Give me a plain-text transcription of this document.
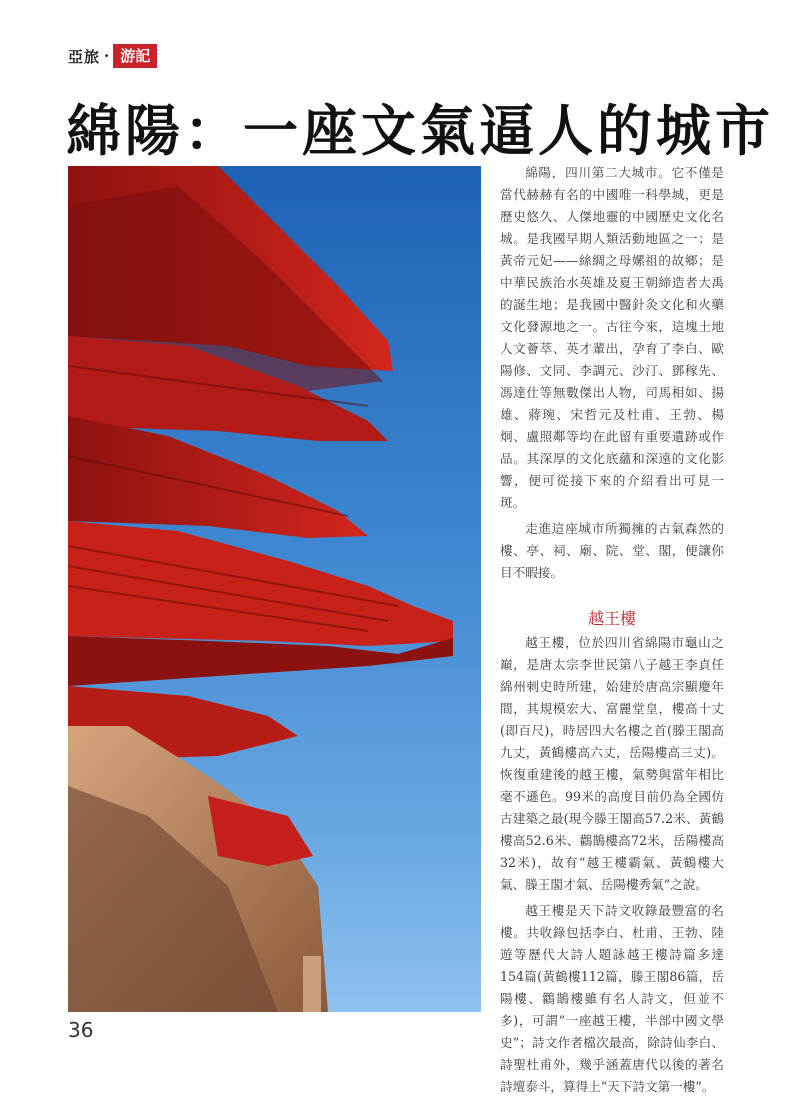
亞旅 · 游記
綿陽：一座文氣逼人的城市

綿陽，四川第二大城市。它不僅是當代赫赫有名的中國唯一科學城，更是歷史悠久、人傑地靈的中國歷史文化名城。是我國早期人類活動地區之一；是黃帝元妃——絲綢之母嫘祖的故鄉；是中華民族治水英雄及夏王朝締造者大禹的誕生地；是我國中醫針灸文化和火藥文化發源地之一。古往今來，這塊土地人文薈萃、英才輩出，孕育了李白、歐陽修、文同、李調元、沙汀、鄧稼先、馮達仕等無數傑出人物，司馬相如、揚雄、蔣琬、宋哲元及杜甫、王勃、楊炯、盧照鄰等均在此留有重要遺跡或作品。其深厚的文化底蘊和深遠的文化影響，便可從接下來的介紹看出可見一斑。

走進這座城市所獨擁的古氣森然的樓、亭、祠、廟、院、堂、閣，便讓你目不暇接。

越王樓

越王樓，位於四川省綿陽市龜山之巔，是唐太宗李世民第八子越王李貞任綿州刺史時所建，始建於唐高宗顯慶年間，其規模宏大、富麗堂皇，樓高十丈(即百尺)，時居四大名樓之首(滕王閣高九丈，黃鶴樓高六丈，岳陽樓高三丈)。恢復重建後的越王樓，氣勢與當年相比毫不遜色。99米的高度目前仍為全國仿古建築之最(現今滕王閣高57.2米、黃鶴樓高52.6米、鸛鵲樓高72米，岳陽樓高32米)，故有“越王樓霸氣、黃鶴樓大氣、滕王閣才氣、岳陽樓秀氣”之說。

越王樓是天下詩文收錄最豐富的名樓。共收錄包括李白、杜甫、王勃、陸遊等歷代大詩人題詠越王樓詩篇多達154篇(黃鶴樓112篇，滕王閣86篇，岳陽樓、鸛鵲樓雖有名人詩文，但並不多)，可謂“一座越王樓，半部中國文學史”；詩文作者檔次最高，除詩仙李白、詩聖杜甫外，幾乎涵蓋唐代以後的著名詩壇泰斗，算得上“天下詩文第一樓”。

36
